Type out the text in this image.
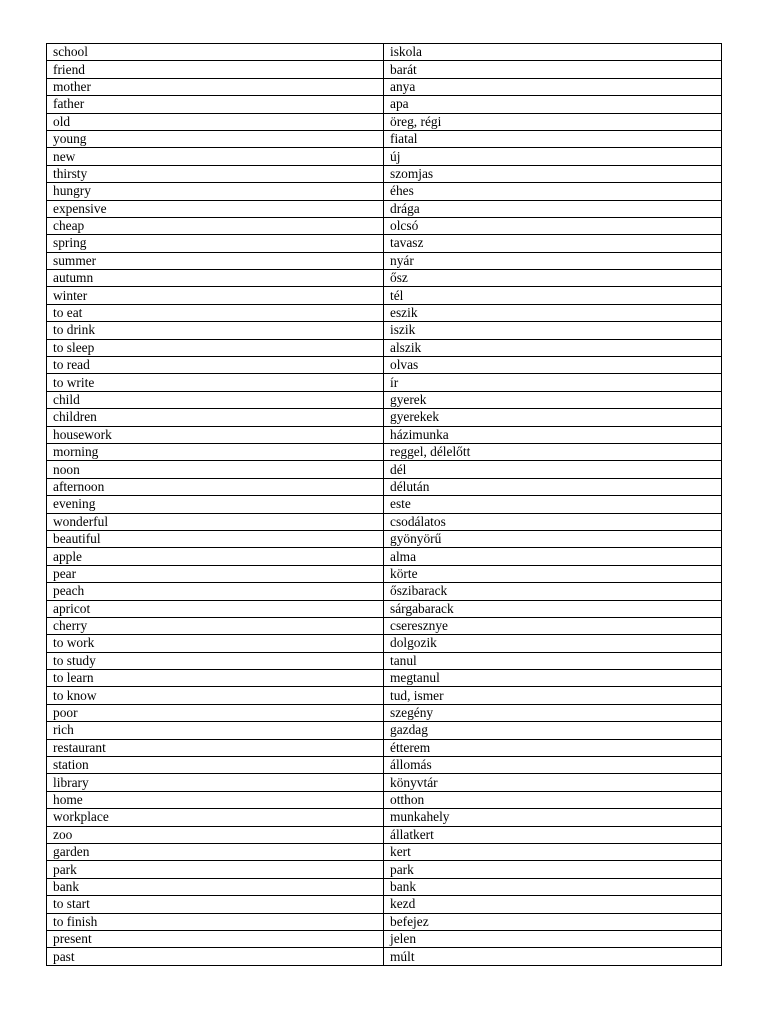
school	iskola
friend	barát
mother	anya
father	apa
old	öreg, régi
young	fiatal
new	új
thirsty	szomjas
hungry	éhes
expensive	drága
cheap	olcsó
spring	tavasz
summer	nyár
autumn	ősz
winter	tél
to eat	eszik
to drink	iszik
to sleep	alszik
to read	olvas
to write	ír
child	gyerek
children	gyerekek
housework	házimunka
morning	reggel, délelőtt
noon	dél
afternoon	délután
evening	este
wonderful	csodálatos
beautiful	gyönyörű
apple	alma
pear	körte
peach	őszibarack
apricot	sárgabarack
cherry	cseresznye
to work	dolgozik
to study	tanul
to learn	megtanul
to know	tud, ismer
poor	szegény
rich	gazdag
restaurant	étterem
station	állomás
library	könyvtár
home	otthon
workplace	munkahely
zoo	állatkert
garden	kert
park	park
bank	bank
to start	kezd
to finish	befejez
present	jelen
past	múlt
